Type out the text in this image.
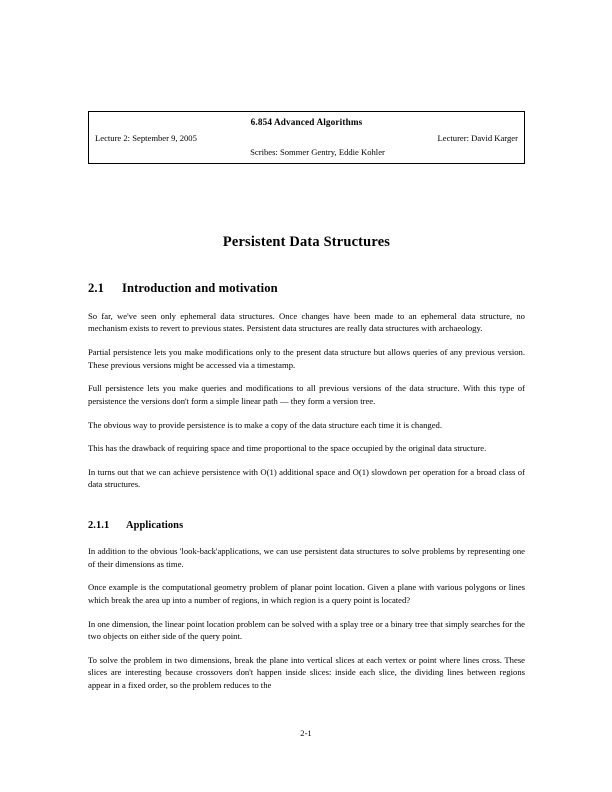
6.854 Advanced Algorithms
Lecture 2: September 9, 2005	Lecturer: David Karger
Scribes: Sommer Gentry, Eddie Kohler
Persistent Data Structures
2.1 Introduction and motivation

So far, we've seen only ephemeral data structures. Once changes have been made to an ephemeral data structure, no mechanism exists to revert to previous states. Persistent data structures are really data structures with archaeology.

Partial persistence lets you make modifications only to the present data structure but allows queries of any previous version. These previous versions might be accessed via a timestamp.

Full persistence lets you make queries and modifications to all previous versions of the data structure. With this type of persistence the versions don't form a simple linear path — they form a version tree.

The obvious way to provide persistence is to make a copy of the data structure each time it is changed.

This has the drawback of requiring space and time proportional to the space occupied by the original data structure.

In turns out that we can achieve persistence with O(1) additional space and O(1) slowdown per operation for a broad class of data structures.

2.1.1 Applications

In addition to the obvious 'look-back'applications, we can use persistent data structures to solve problems by representing one of their dimensions as time.

Once example is the computational geometry problem of planar point location. Given a plane with various polygons or lines which break the area up into a number of regions, in which region is a query point is located?

In one dimension, the linear point location problem can be solved with a splay tree or a binary tree that simply searches for the two objects on either side of the query point.

To solve the problem in two dimensions, break the plane into vertical slices at each vertex or point where lines cross. These slices are interesting because crossovers don't happen inside slices: inside each slice, the dividing lines between regions appear in a fixed order, so the problem reduces to the

2-1
